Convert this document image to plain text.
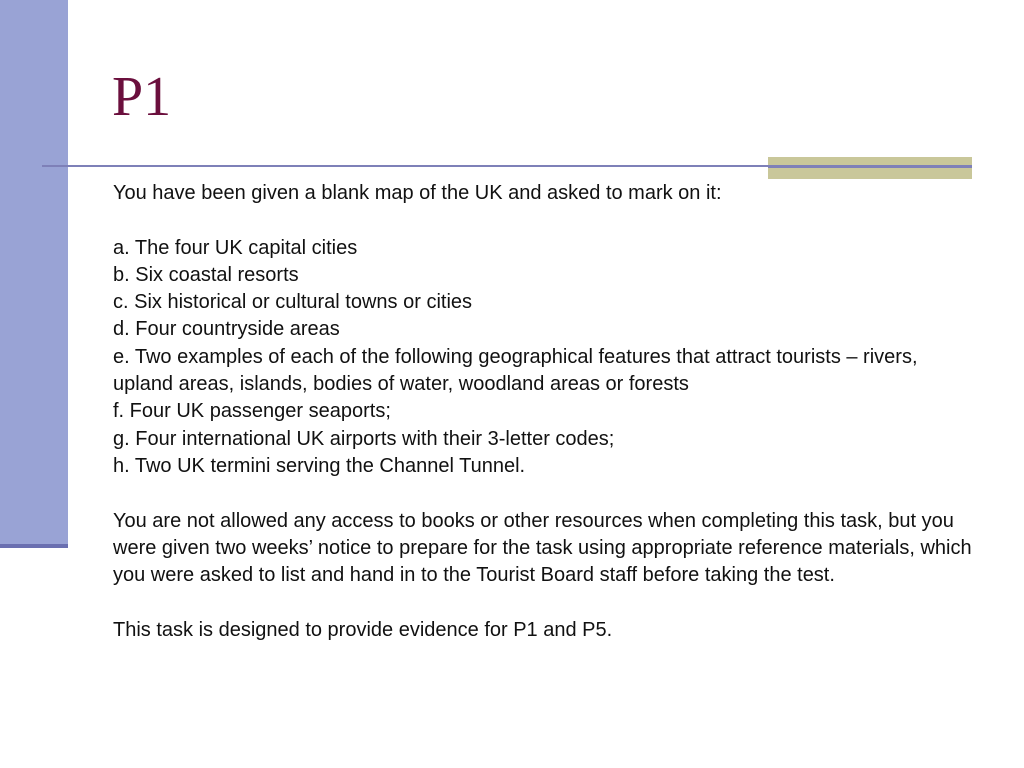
P1

You have been given a blank map of the UK and asked to mark on it:

a. The four UK capital cities

b. Six coastal resorts

c. Six historical or cultural towns or cities

d. Four countryside areas

e. Two examples of each of the following geographical features that attract tourists – rivers, upland areas, islands, bodies of water, woodland areas or forests

f. Four UK passenger seaports;

g. Four international UK airports with their 3-letter codes;

h. Two UK termini serving the Channel Tunnel.

You are not allowed any access to books or other resources when completing this task, but you were given two weeks’ notice to prepare for the task using appropriate reference materials, which you were asked to list and hand in to the Tourist Board staff before taking the test.

This task is designed to provide evidence for P1 and P5.
